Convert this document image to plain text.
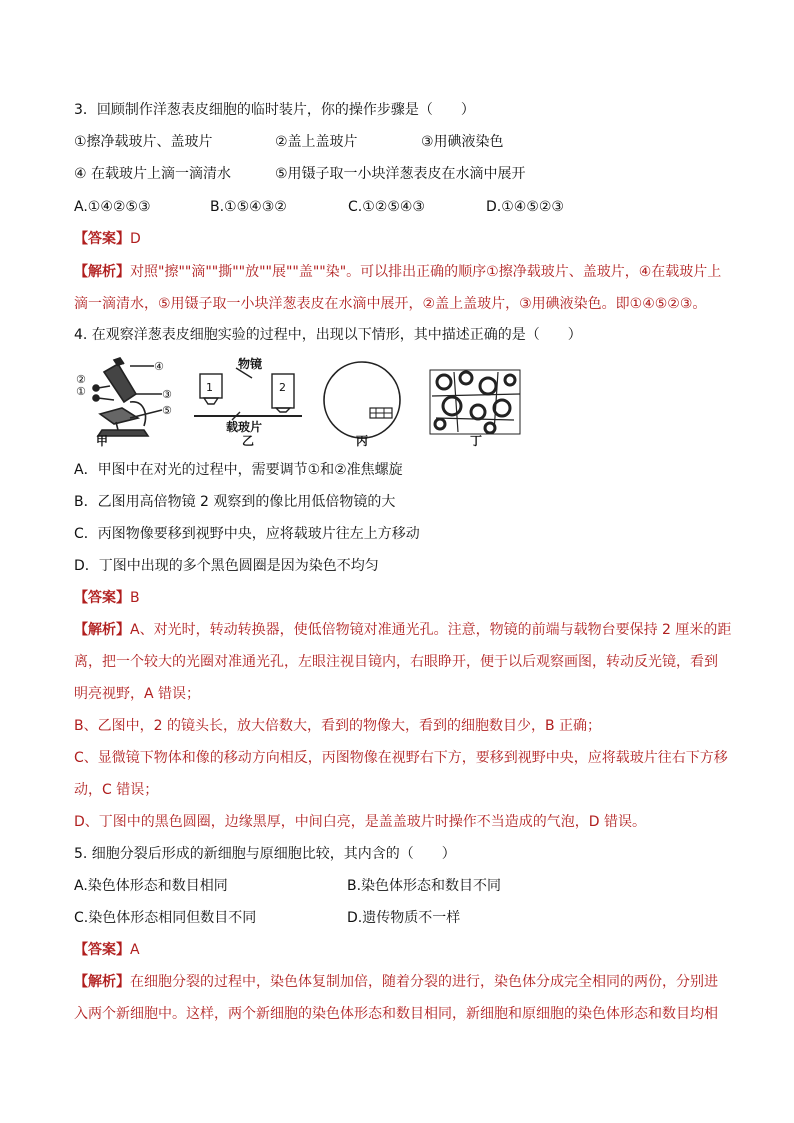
3．回顾制作洋葱表皮细胞的临时装片，你的操作步骤是（　　）
①擦净载玻片、盖玻片	②盖上盖玻片	③用碘液染色
④ 在载玻片上滴一滴清水	⑤用镊子取一小块洋葱表皮在水滴中展开
A.①④②⑤③	B.①⑤④③②	C.①②⑤④③	D.①④⑤②③
【答案】D
【解析】对照"擦""滴""撕""放""展""盖""染"。可以排出正确的顺序①擦净载玻片、盖玻片，④在载玻片上
滴一滴清水，⑤用镊子取一小块洋葱表皮在水滴中展开，②盖上盖玻片，③用碘液染色。即①④⑤②③。
4. 在观察洋葱表皮细胞实验的过程中，出现以下情形，其中描述正确的是（　　）
②
①
④
③
⑤
物镜
1	2
载玻片
甲	乙	丙	丁
A．甲图中在对光的过程中，需要调节①和②准焦螺旋
B．乙图用高倍物镜 2 观察到的像比用低倍物镜的大
C．丙图物像要移到视野中央，应将载玻片往左上方移动
D．丁图中出现的多个黑色圆圈是因为染色不均匀
【答案】B
【解析】A、对光时，转动转换器，使低倍物镜对准通光孔。注意，物镜的前端与载物台要保持 2 厘米的距
离，把一个较大的光圈对准通光孔，左眼注视目镜内，右眼睁开，便于以后观察画图，转动反光镜，看到
明亮视野，A 错误；
B、乙图中，2 的镜头长，放大倍数大，看到的物像大，看到的细胞数目少，B 正确；
C、显微镜下物体和像的移动方向相反，丙图物像在视野右下方，要移到视野中央，应将载玻片往右下方移
动，C 错误；
D、丁图中的黑色圆圈，边缘黑厚，中间白亮，是盖盖玻片时操作不当造成的气泡，D 错误。
5. 细胞分裂后形成的新细胞与原细胞比较，其内含的（　　）
A.染色体形态和数目相同	B.染色体形态和数目不同
C.染色体形态相同但数目不同	D.遗传物质不一样
【答案】A
【解析】在细胞分裂的过程中，染色体复制加倍，随着分裂的进行，染色体分成完全相同的两份，分别进
入两个新细胞中。这样，两个新细胞的染色体形态和数目相同，新细胞和原细胞的染色体形态和数目均相
